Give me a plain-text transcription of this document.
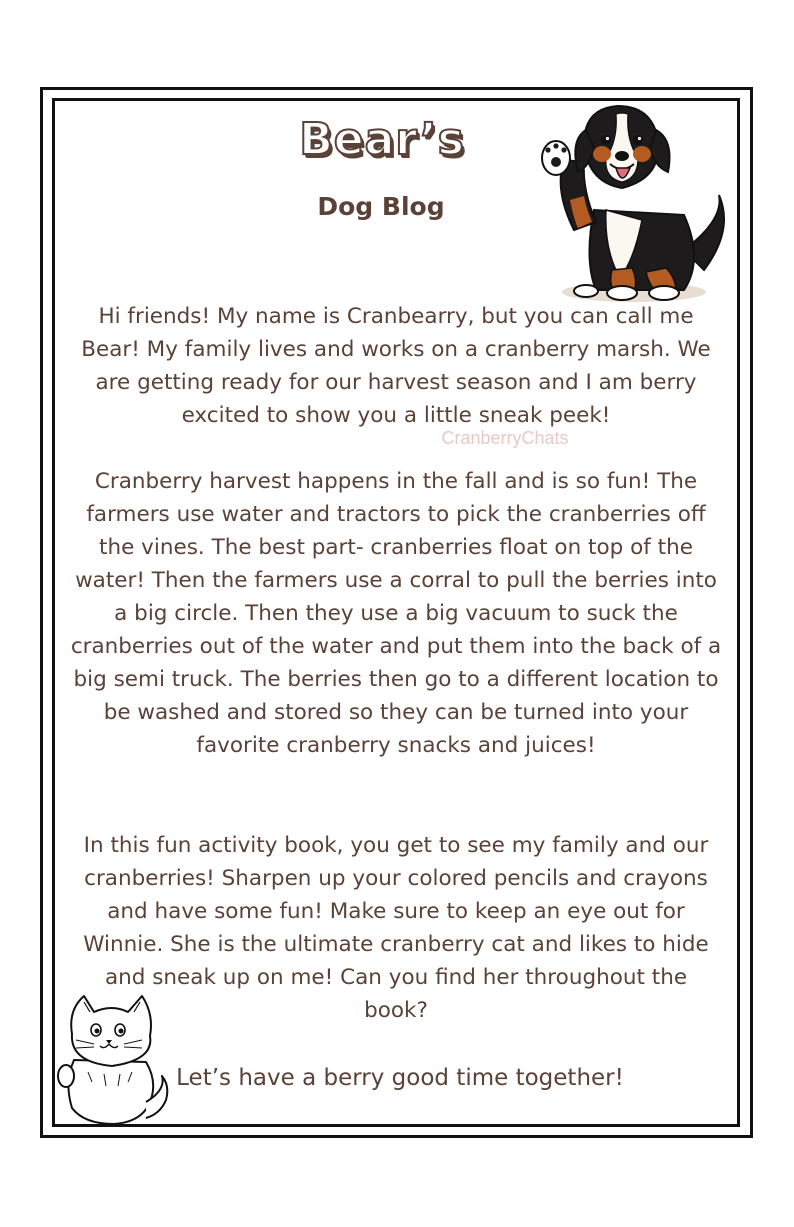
Bear’s
Dog Blog
Hi friends! My name is Cranbearry, but you can call me Bear! My family lives and works on a cranberry marsh. We are getting ready for our harvest season and I am berry excited to show you a little sneak peek!
CranberryChats
Cranberry harvest happens in the fall and is so fun! The farmers use water and tractors to pick the cranberries off the vines. The best part- cranberries float on top of the water! Then the farmers use a corral to pull the berries into a big circle. Then they use a big vacuum to suck the cranberries out of the water and put them into the back of a big semi truck. The berries then go to a different location to be washed and stored so they can be turned into your favorite cranberry snacks and juices!
In this fun activity book, you get to see my family and our cranberries! Sharpen up your colored pencils and crayons and have some fun! Make sure to keep an eye out for Winnie. She is the ultimate cranberry cat and likes to hide and sneak up on me! Can you find her throughout the book?
Let’s have a berry good time together!
